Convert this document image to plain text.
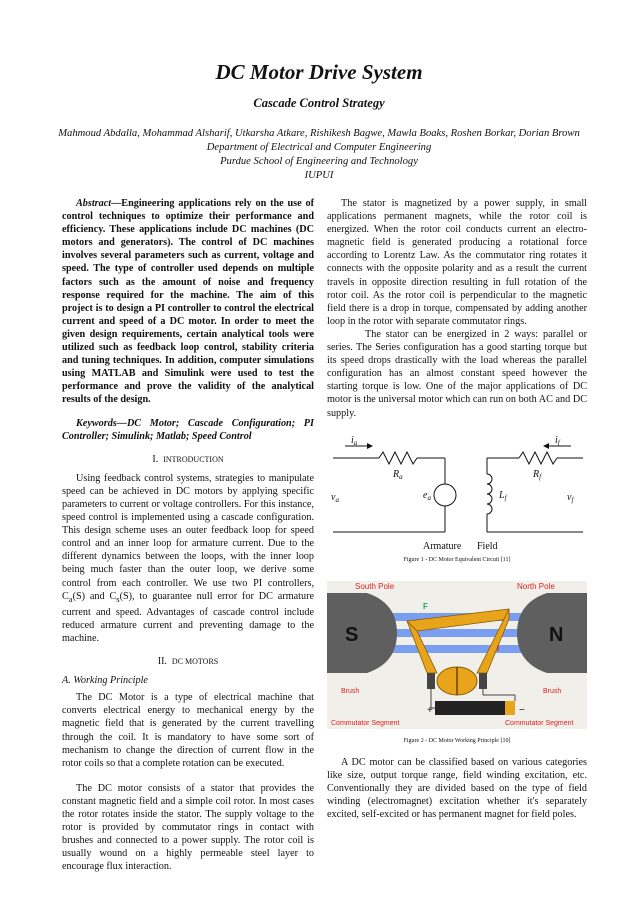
DC Motor Drive System
Cascade Control Strategy
Mahmoud Abdalla, Mohammad Alsharif, Utkarsha Atkare, Rishikesh Bagwe, Mawla Boaks, Roshen Borkar, Dorian Brown
Department of Electrical and Computer Engineering
Purdue School of Engineering and Technology
IUPUI

Abstract—Engineering applications rely on the use of control techniques to optimize their performance and efficiency. These applications include DC machines (DC motors and generators). The control of DC machines involves several parameters such as current, voltage and speed. The type of controller used depends on multiple factors such as the amount of noise and frequency response required for the machine. The aim of this project is to design a PI controller to control the electrical current and speed of a DC motor. In order to meet the given design requirements, certain analytical tools were utilized such as feedback loop control, stability criteria and tuning techniques. In addition, computer simulations using MATLAB and Simulink were used to test the performance and prove the validity of the analytical results of the design.

Keywords—DC Motor; Cascade Configuration; PI Controller; Simulink; Matlab; Speed Control

I. INTRODUCTION

Using feedback control systems, strategies to manipulate speed can be achieved in DC motors by applying specific parameters to current or voltage controllers. For this instance, speed control is implemented using a cascade configuration. This design scheme uses an outer feedback loop for speed control and an inner loop for armature current. Due to the different dynamics between the loops, with the inner loop being much faster than the outer loop, we derive some control from each controller. We use two PI controllers, $C_a(S)$ and $C_s(S)$, to guarantee null error for DC armature current and speed. Advantages of cascade control include reduced armature current and preventing damage to the machine.

II. DC MOTORS
A. Working Principle

The DC Motor is a type of electrical machine that converts electrical energy to mechanical energy by the magnetic field that is generated by the current travelling through the coil. It is mandatory to have some sort of mechanism to change the direction of current flow in the rotor coils so that a complete rotation can be executed.

The DC motor consists of a stator that provides the constant magnetic field and a simple coil rotor. In most cases the rotor rotates inside the stator. The supply voltage to the rotor is provided by commutator rings in contact with brushes and connected to a power supply. The rotor coil is usually wound on a highly permeable steel layer to encourage flux interaction.

The stator is magnetized by a power supply, in small applications permanent magnets, while the rotor coil is energized. When the rotor coil conducts current an electro-magnetic field is generated producing a rotational force according to Lorentz Law. As the commutator ring rotates it connects with the opposite polarity and as a result the current travels in opposite direction resulting in full rotation of the rotor coil. As the rotor coil is perpendicular to the magnetic field there is a drop in torque, compensated by adding another loop in the rotor with separate commutator rings.

The stator can be energized in 2 ways: parallel or series. The Series configuration has a good starting torque but its speed drops drastically with the load whereas the parallel configuration has an almost constant speed however the starting torque is low. One of the major applications of DC motor is the universal motor which can run on both AC and DC supply.

$i_a$
$R_a$
$e_a$
$v_a$
$i_f$
$R_f$
$L_f$	$v_f$
Armature Field
Figure 1 - DC Motor Equivalent Circuit [11]
S	N
South Pole	North Pole
+	−
Brush	Brush
Commutator Segment	Commutator Segment
F
I
Figure 2 - DC Motor Working Principle [10]

A DC motor can be classified based on various categories like size, output torque range, field winding excitation, etc. Conventionally they are divided based on the type of field winding (electromagnet) excitation whether it's separately excited, self-excited or has permanent magnet for field poles.
